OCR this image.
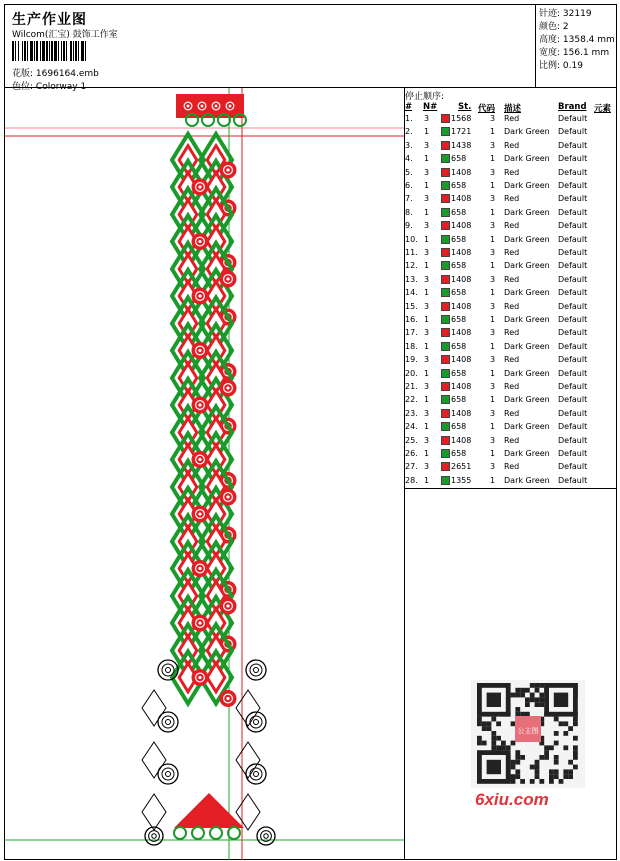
生产作业图
Wilcom(汇宝) 鼓饰工作室
花版: 1696164.emb
色位: Colorway 1
针迹: 32119
颜色: 2
高度: 1358.4 mm
宽度: 156.1 mm
比例: 0.19
停止顺序:
# N# St. 代码 描述	Brand 元素
1. 3	1568 3 Red	Default
2. 1	1721 1 Dark Green Default
3. 3	1438 3 Red	Default
4. 1	658	1 Dark Green Default
5. 3	1408 3 Red	Default
6. 1	658	1 Dark Green Default
7. 3	1408 3 Red	Default
8. 1	658	1 Dark Green Default
9. 3	1408 3 Red	Default
10. 1	658	1 Dark Green Default
11. 3	1408 3 Red	Default
12. 1	658	1 Dark Green Default
13. 3	1408 3 Red	Default
14. 1	658	1 Dark Green Default
15. 3	1408 3 Red	Default
16. 1	658	1 Dark Green Default
17. 3	1408 3 Red	Default
18. 1	658	1 Dark Green Default
19. 3	1408 3 Red	Default
20. 1	658	1 Dark Green Default
21. 3	1408 3 Red	Default
22. 1	658	1 Dark Green Default
23. 3	1408 3 Red	Default
24. 1	658	1 Dark Green Default
25. 3	1408 3 Red	Default
26. 1	658	1 Dark Green Default
27. 3	2651 3 Red	Default
28. 1	1355 1 Dark Green Default
公主图
6xiu.com
